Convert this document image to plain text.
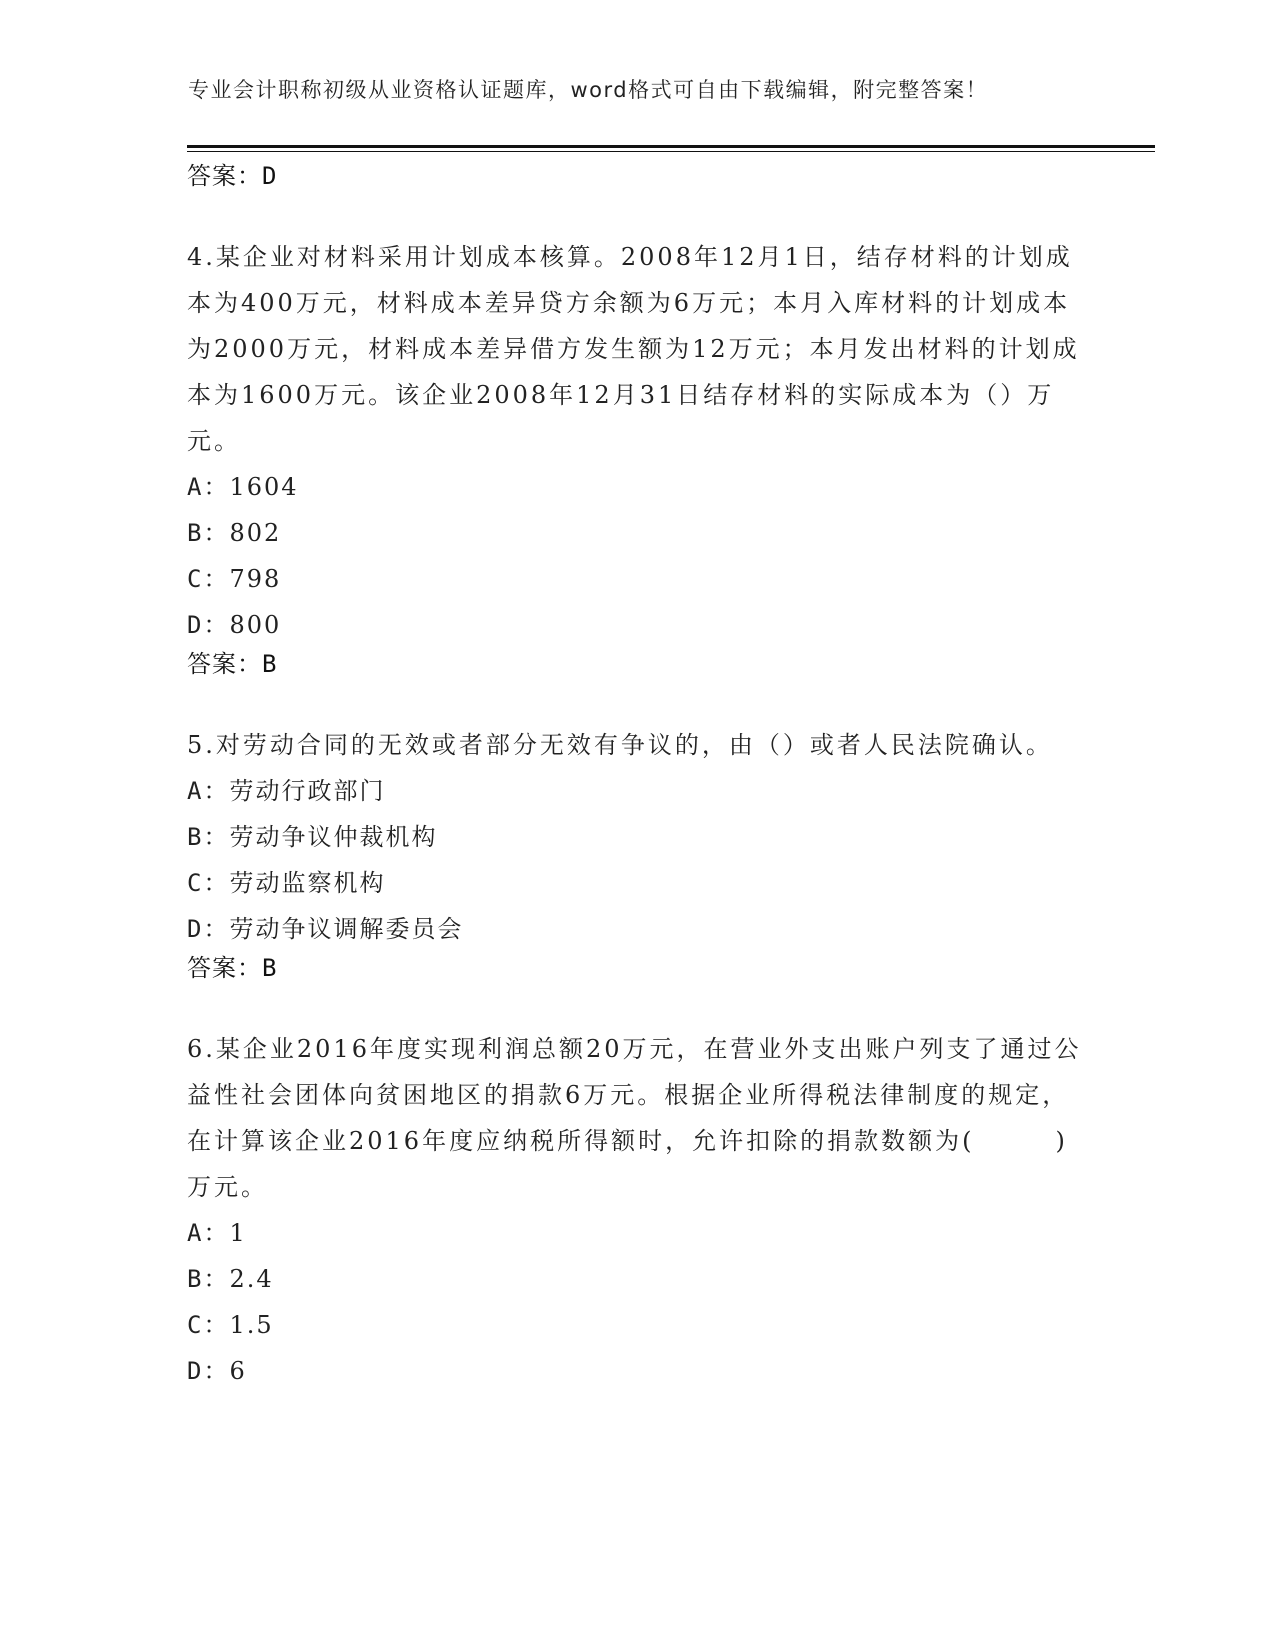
专业会计职称初级从业资格认证题库，word格式可自由下载编辑，附完整答案！

答案：D

4.某企业对材料采用计划成本核算。2008年12月1日，结存材料的计划成本为400万元，材料成本差异贷方余额为6万元；本月入库材料的计划成本为2000万元，材料成本差异借方发生额为12万元；本月发出材料的计划成本为1600万元。该企业2008年12月31日结存材料的实际成本为（）万元。

A：1604

B：802

C：798

D：800

答案：B

5.对劳动合同的无效或者部分无效有争议的，由（）或者人民法院确认。

A：劳动行政部门

B：劳动争议仲裁机构

C：劳动监察机构

D：劳动争议调解委员会

答案：B

6.某企业2016年度实现利润总额20万元，在营业外支出账户列支了通过公益性社会团体向贫困地区的捐款6万元。根据企业所得税法律制度的规定，在计算该企业2016年度应纳税所得额时，允许扣除的捐款数额为(　　　)万元。

A：1

B：2.4

C：1.5

D：6
